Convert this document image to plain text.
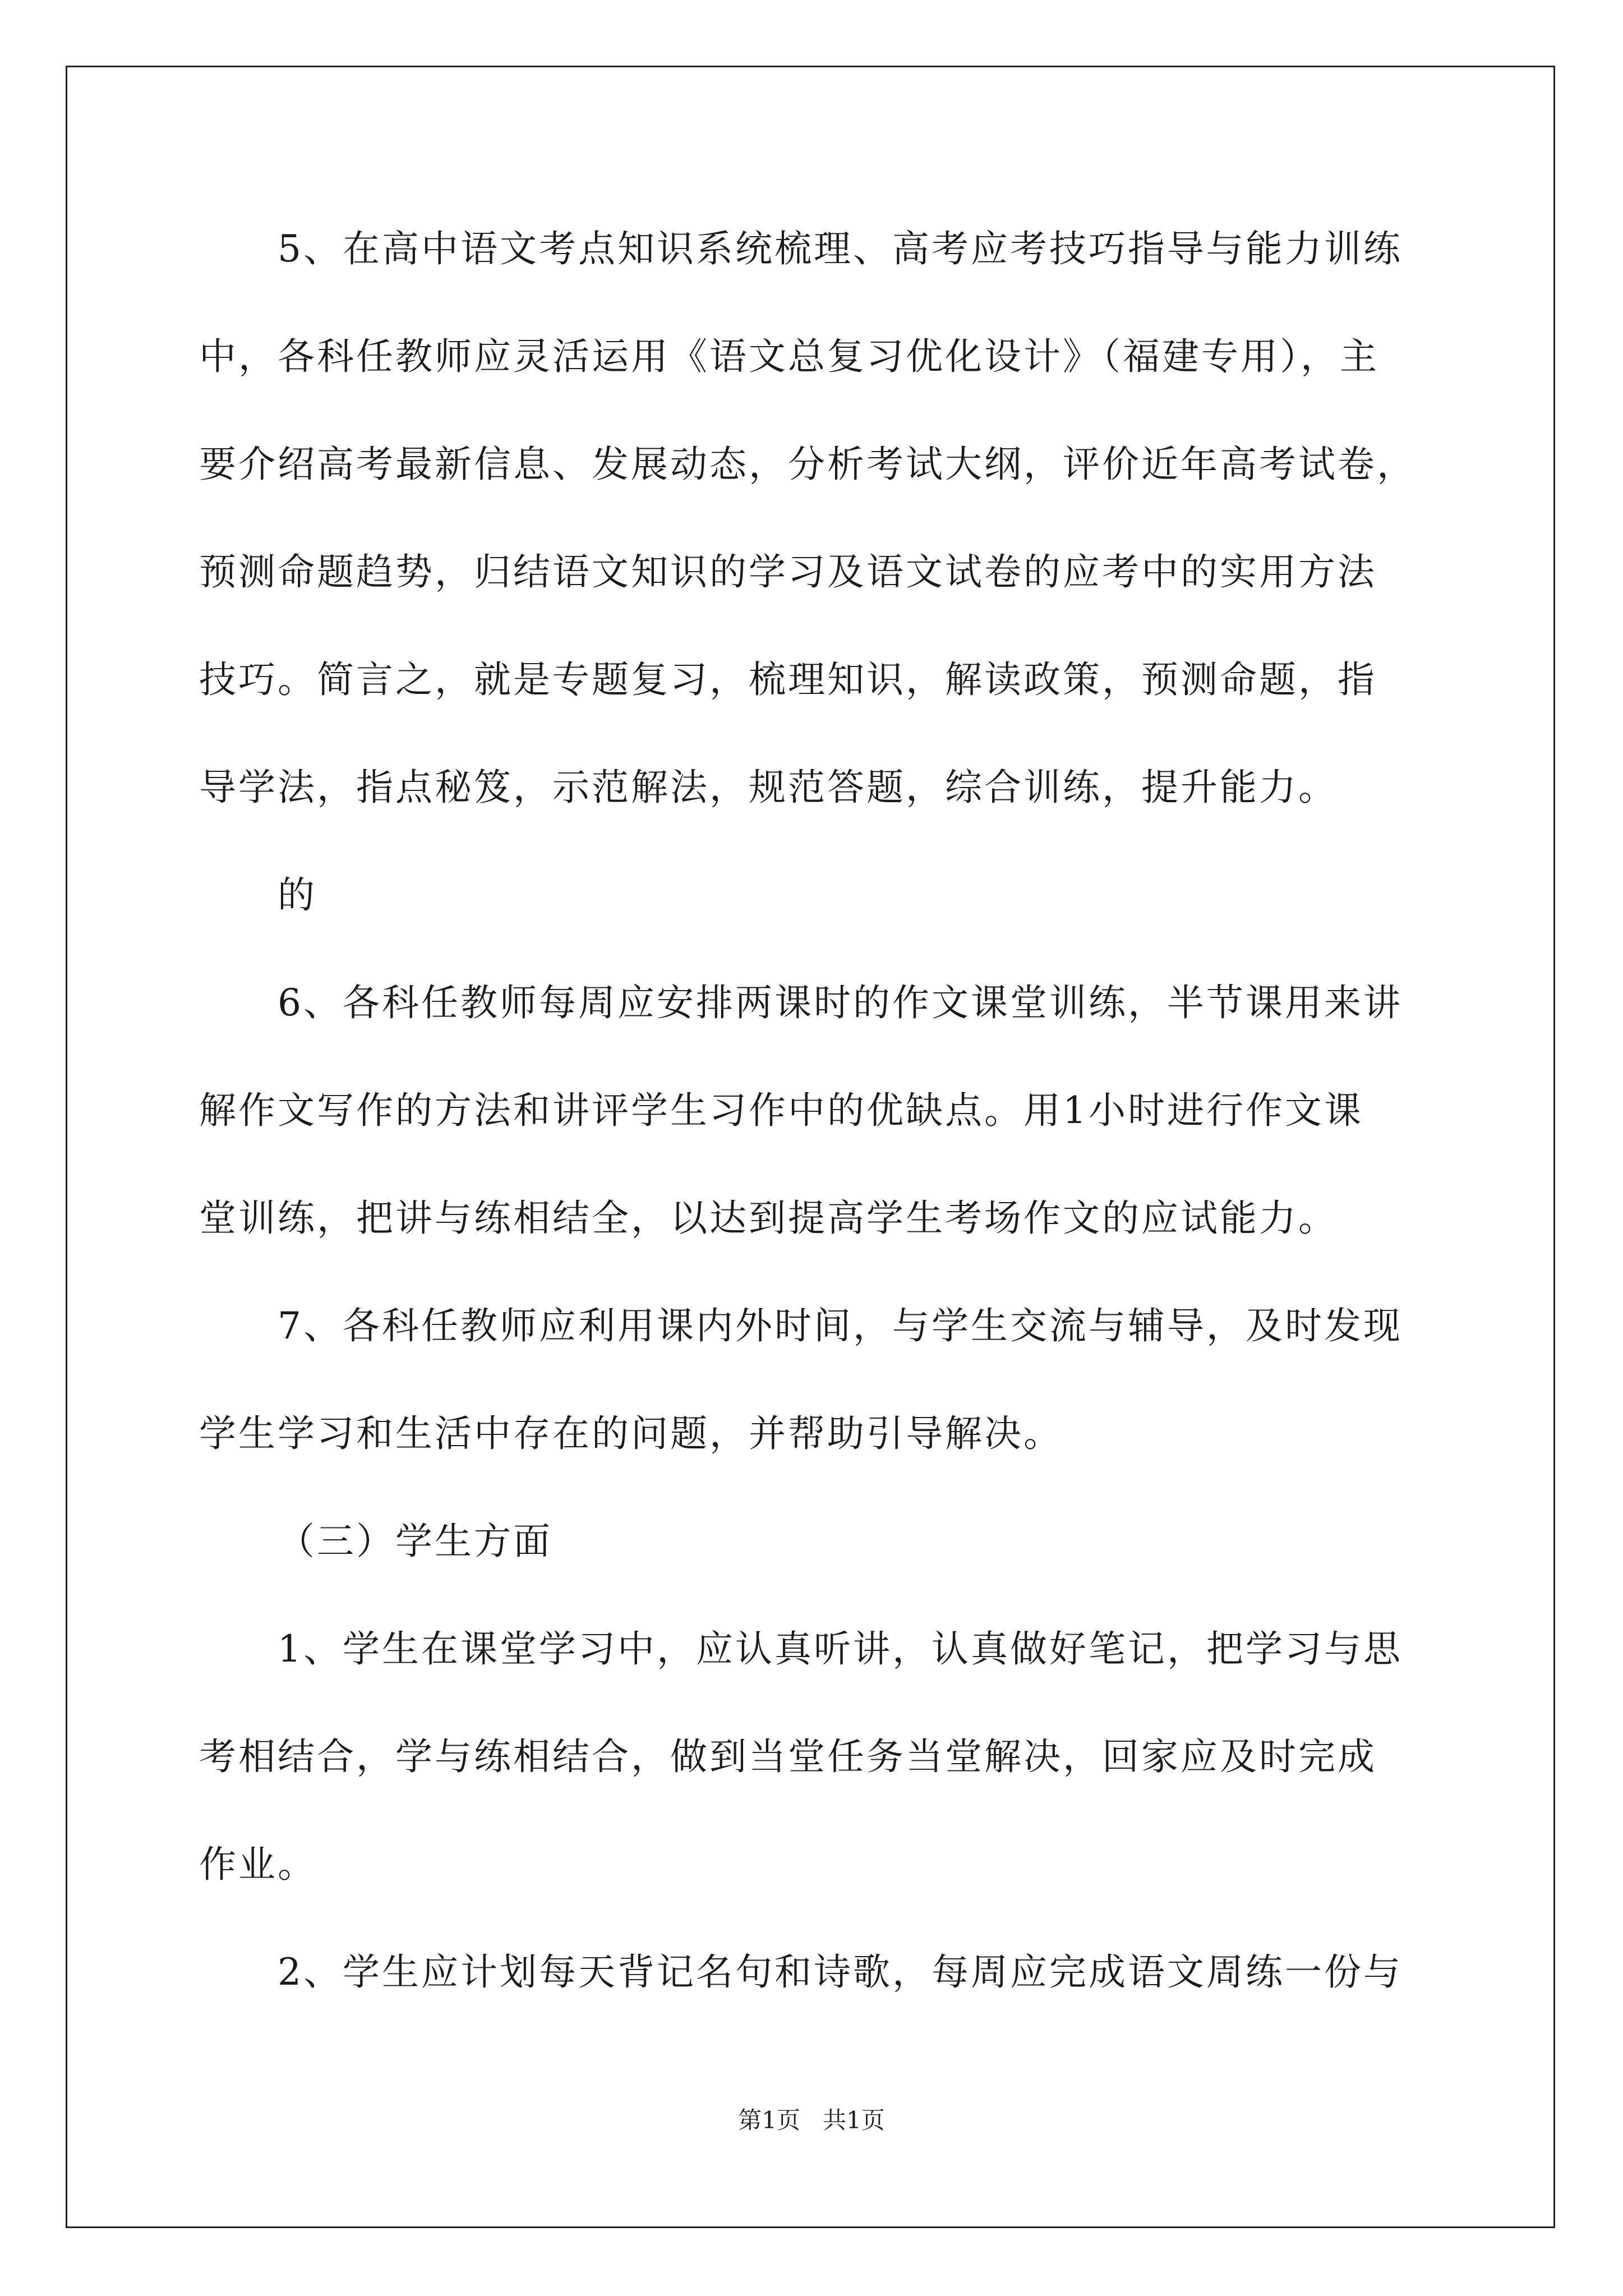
5、在高中语文考点知识系统梳理、高考应考技巧指导与能力训练
中，各科任教师应灵活运用《语文总复习优化设计》（福建专用），主
要介绍高考最新信息、发展动态，分析考试大纲，评价近年高考试卷，
预测命题趋势，归结语文知识的学习及语文试卷的应考中的实用方法
技巧。简言之，就是专题复习，梳理知识，解读政策，预测命题，指
导学法，指点秘笈，示范解法，规范答题，综合训练，提升能力。
的
6、各科任教师每周应安排两课时的作文课堂训练，半节课用来讲
解作文写作的方法和讲评学生习作中的优缺点。用1小时进行作文课
堂训练，把讲与练相结全，以达到提高学生考场作文的应试能力。
7、各科任教师应利用课内外时间，与学生交流与辅导，及时发现
学生学习和生活中存在的问题，并帮助引导解决。
（三）学生方面
1、学生在课堂学习中，应认真听讲，认真做好笔记，把学习与思
考相结合，学与练相结合，做到当堂任务当堂解决，回家应及时完成
作业。
2、学生应计划每天背记名句和诗歌，每周应完成语文周练一份与
第1页   共1页
